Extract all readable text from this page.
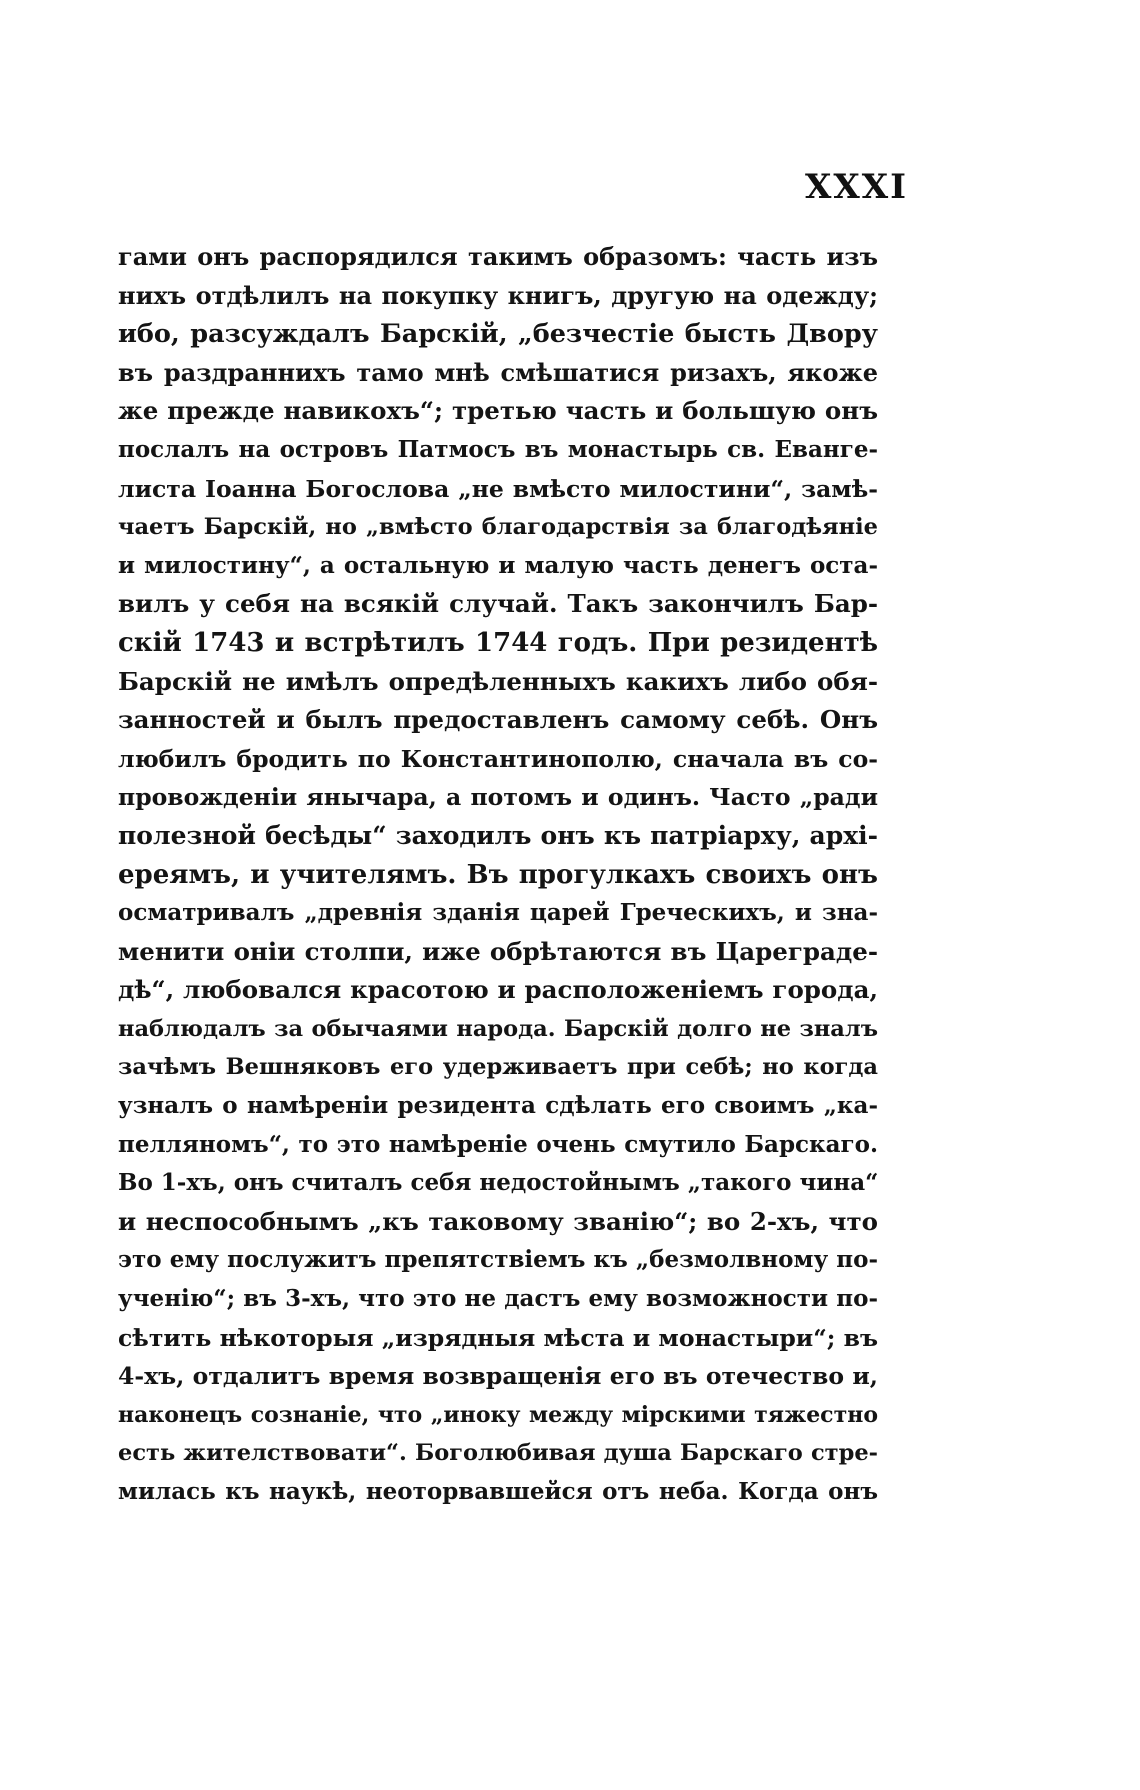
XXXI
гами онъ распорядился такимъ образомъ: часть изъ
нихъ отдѣлилъ на покупку книгъ, другую на одежду;
ибо, разсуждалъ Барскій, „безчестіе бысть Двору
въ раздранниxъ тамо мнѣ смѣшатися ризахъ, якоже
же прежде навикохъ“; третью часть и большую онъ
послалъ на островъ Патмосъ въ монастырь св. Еванге-
листа Іоанна Богослова „не вмѣсто милостини“, замѣ-
чаетъ Барскій, но „вмѣсто благодарствія за благодѣяніе
и милостину“, а остальную и малую часть денегъ оста-
вилъ у себя на всякій случай. Такъ закончилъ Бар-
скій 1743 и встрѣтилъ 1744 годъ. При резидентѣ
Барскій не имѣлъ опредѣленныхъ какихъ либо обя-
занностей и былъ предоставленъ самому себѣ. Онъ
любилъ бродить по Константинополю, сначала въ со-
провожденіи янычара, а потомъ и одинъ. Часто „ради
полезной бесѣды“ заходилъ онъ къ патріарху, архі-
ереямъ, и учителямъ. Въ прогулкахъ своихъ онъ
осматривалъ „древнія зданія царей Греческихъ, и зна-
менити оніи столпи, иже обрѣтаются въ Цареграде-
дѣ“, любовался красотою и расположеніемъ города,
наблюдалъ за обычаями народа. Барскій долго не зналъ
зачѣмъ Вешняковъ его удерживаетъ при себѣ; но когда
узналъ о намѣреніи резидента сдѣлать его своимъ „ка-
пелляномъ“, то это намѣреніе очень смутило Барскаго.
Во 1-хъ, онъ считалъ себя недостойнымъ „такого чина“
и неспособнымъ „къ таковому званію“; во 2-хъ, что
это ему послужитъ препятствіемъ къ „безмолвному по-
ученію“; въ 3-хъ, что это не дастъ ему возможности по-
сѣтить нѣкоторыя „изрядныя мѣста и монастыри“; въ
4-хъ, отдалитъ время возвращенія его въ отечество и,
наконецъ сознаніе, что „иноку между мірскими тяжестно
есть жителствовати“. Боголюбивая душа Барскаго стре-
милась къ наукѣ, неоторвавшейся отъ неба. Когда онъ
